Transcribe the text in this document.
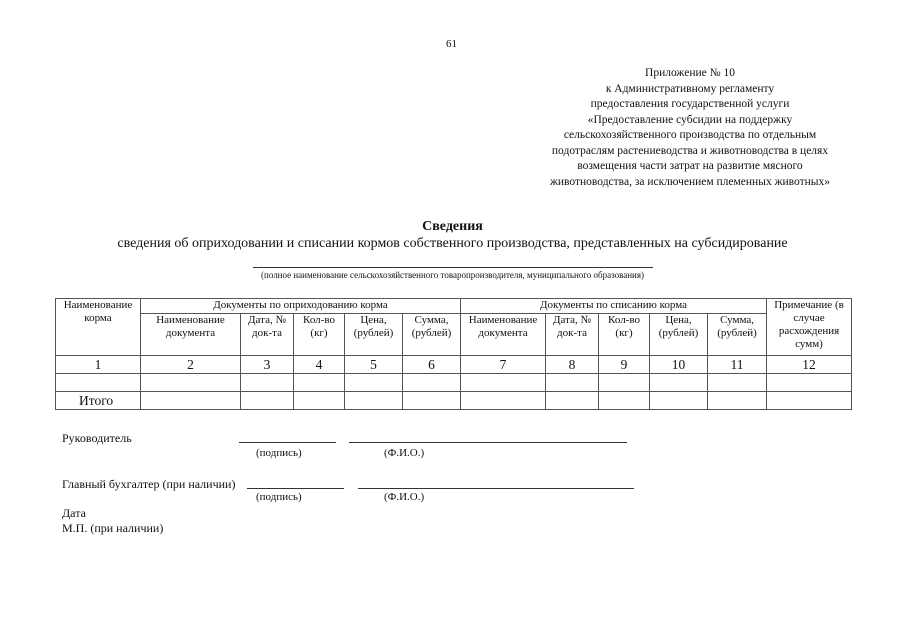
61
Приложение № 10
к Административному регламенту
предоставления государственной услуги
«Предоставление субсидии на поддержку
сельскохозяйственного производства по отдельным
подотраслям растениеводства и животноводства в целях
возмещения части затрат на развитие мясного
животноводства, за исключением племенных животных»
Сведения
сведения об оприходовании и списании кормов собственного производства, представленных на субсидирование
(полное наименование сельскохозяйственного товаропроизводителя, муниципального образования)
Наименование корма	Документы по оприходованию корма					Документы по списанию корма					Примечание (в случае расхождения сумм)
	Наименование документа	Дата, № док-та	Кол-во (кг)	Цена, (рублей)	Сумма, (рублей)	Наименование документа	Дата, № док-та	Кол-во (кг)	Цена, (рублей)	Сумма, (рублей)	
1	2	3	4	5	6	7	8	9	10	11	12

Итого											
Руководитель
(подпись)	(Ф.И.О.)
Главный бухгалтер (при наличии)
(подпись)	(Ф.И.О.)
Дата
М.П. (при наличии)
